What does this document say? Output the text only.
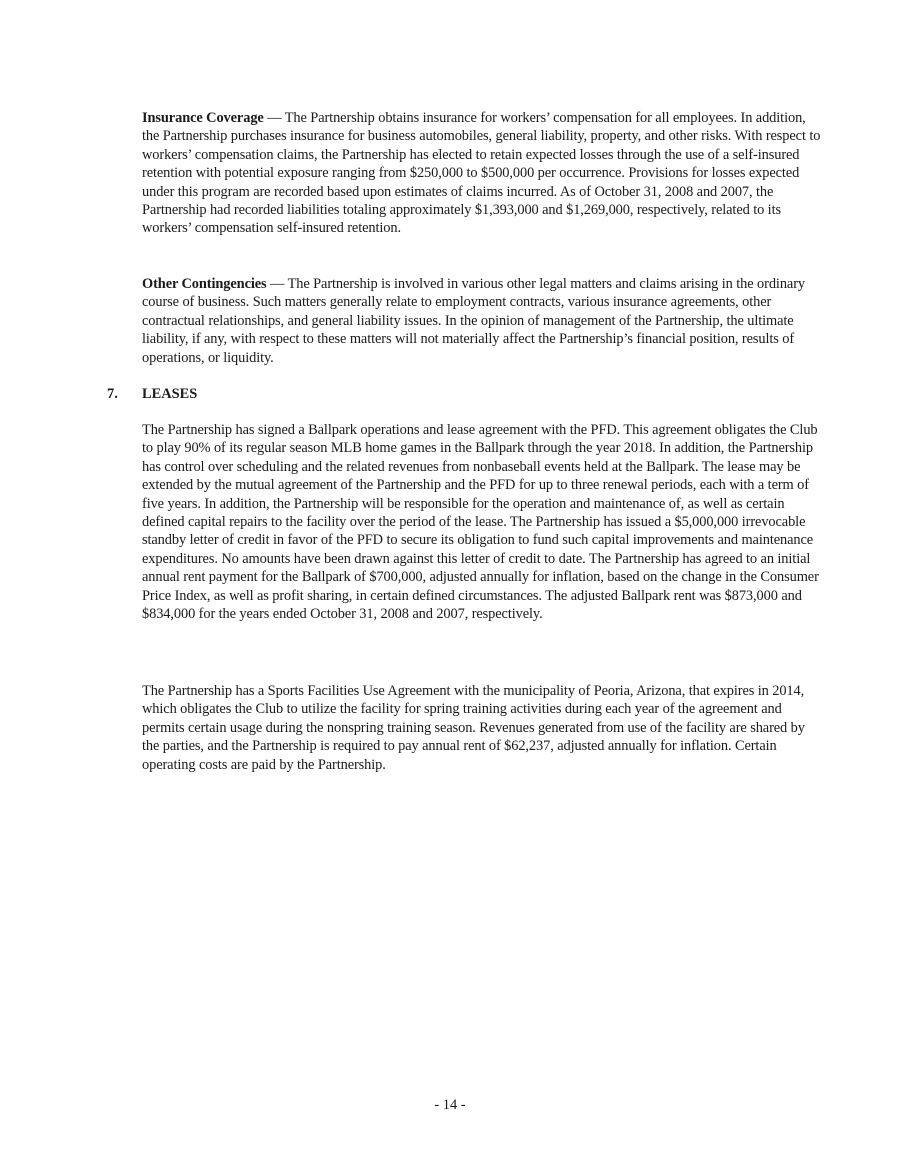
Insurance Coverage — The Partnership obtains insurance for workers’ compensation for all employees. In addition, the Partnership purchases insurance for business automobiles, general liability, property, and other risks. With respect to workers’ compensation claims, the Partnership has elected to retain expected losses through the use of a self-insured retention with potential exposure ranging from $250,000 to $500,000 per occurrence. Provisions for losses expected under this program are recorded based upon estimates of claims incurred. As of October 31, 2008 and 2007, the Partnership had recorded liabilities totaling approximately $1,393,000 and $1,269,000, respectively, related to its workers’ compensation self-insured retention.

Other Contingencies — The Partnership is involved in various other legal matters and claims arising in the ordinary course of business. Such matters generally relate to employment contracts, various insurance agreements, other contractual relationships, and general liability issues. In the opinion of management of the Partnership, the ultimate liability, if any, with respect to these matters will not materially affect the Partnership’s financial position, results of operations, or liquidity.

7. LEASES

The Partnership has signed a Ballpark operations and lease agreement with the PFD. This agreement obligates the Club to play 90% of its regular season MLB home games in the Ballpark through the year 2018. In addition, the Partnership has control over scheduling and the related revenues from nonbaseball events held at the Ballpark. The lease may be extended by the mutual agreement of the Partnership and the PFD for up to three renewal periods, each with a term of five years. In addition, the Partnership will be responsible for the operation and maintenance of, as well as certain defined capital repairs to the facility over the period of the lease. The Partnership has issued a $5,000,000 irrevocable standby letter of credit in favor of the PFD to secure its obligation to fund such capital improvements and maintenance expenditures. No amounts have been drawn against this letter of credit to date. The Partnership has agreed to an initial annual rent payment for the Ballpark of $700,000, adjusted annually for inflation, based on the change in the Consumer Price Index, as well as profit sharing, in certain defined circumstances. The adjusted Ballpark rent was $873,000 and $834,000 for the years ended October 31, 2008 and 2007, respectively.

The Partnership has a Sports Facilities Use Agreement with the municipality of Peoria, Arizona, that expires in 2014, which obligates the Club to utilize the facility for spring training activities during each year of the agreement and permits certain usage during the nonspring training season. Revenues generated from use of the facility are shared by the parties, and the Partnership is required to pay annual rent of $62,237, adjusted annually for inflation. Certain operating costs are paid by the Partnership.

- 14 -
